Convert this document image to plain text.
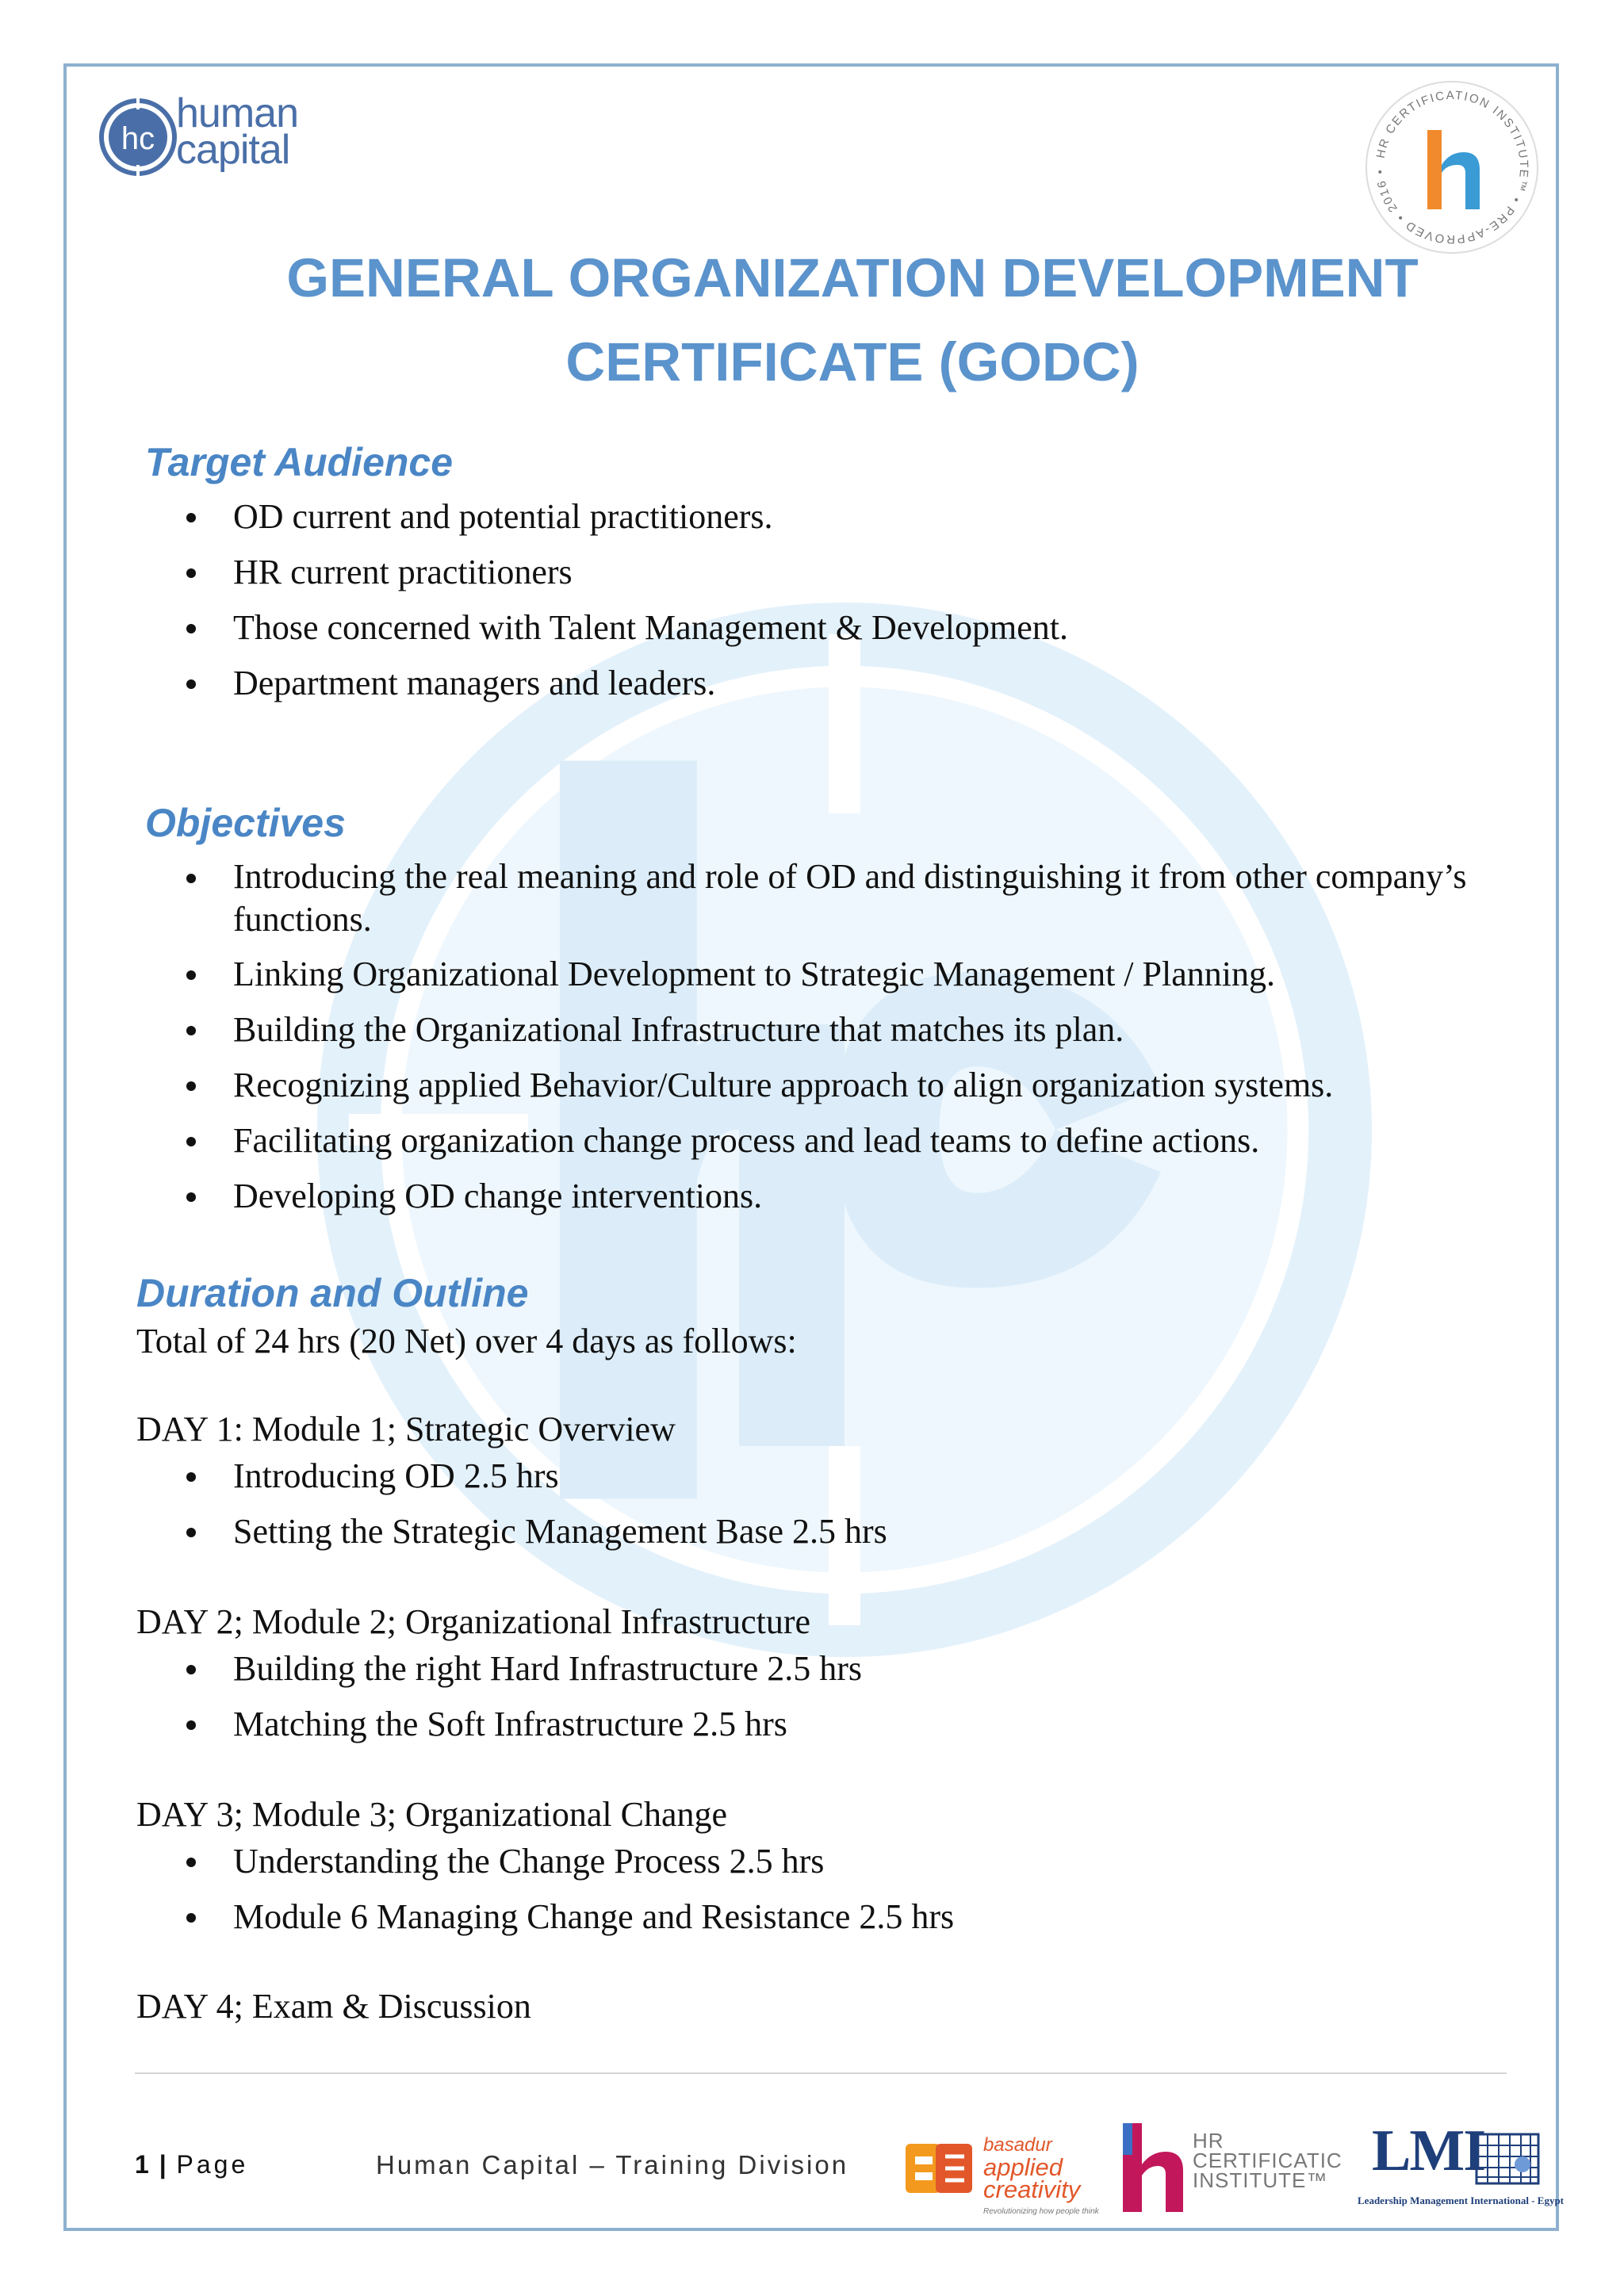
hc
human
capital	HR CERTIFICATION INSTITUTE™ • PRE-APPROVED • 2016 •
GENERAL ORGANIZATION DEVELOPMENT
CERTIFICATE (GODC)
Target Audience
OD current and potential practitioners.
HR current practitioners
Those concerned with Talent Management & Development.
Department managers and leaders.
Objectives
Introducing the real meaning and role of OD and distinguishing it from other company’s functions.
Linking Organizational Development to Strategic Management / Planning.
Building the Organizational Infrastructure that matches its plan.
Recognizing applied Behavior/Culture approach to align organization systems.
Facilitating organization change process and lead teams to define actions.
Developing OD change interventions.
Duration and Outline
Total of 24 hrs (20 Net) over 4 days as follows:
DAY 1: Module 1; Strategic Overview
Introducing OD 2.5 hrs
Setting the Strategic Management Base 2.5 hrs
DAY 2; Module 2; Organizational Infrastructure
Building the right Hard Infrastructure 2.5 hrs
Matching the Soft Infrastructure 2.5 hrs
DAY 3; Module 3; Organizational Change
Understanding the Change Process 2.5 hrs
Module 6 Managing Change and Resistance 2.5 hrs
DAY 4; Exam & Discussion
1 | Page	Human Capital – Training Division
basadur
applied
creativity
Revolutionizing how people think
HR
CERTIFICATIC
INSTITUTE™ LMI
Leadership Management International - Egypt
